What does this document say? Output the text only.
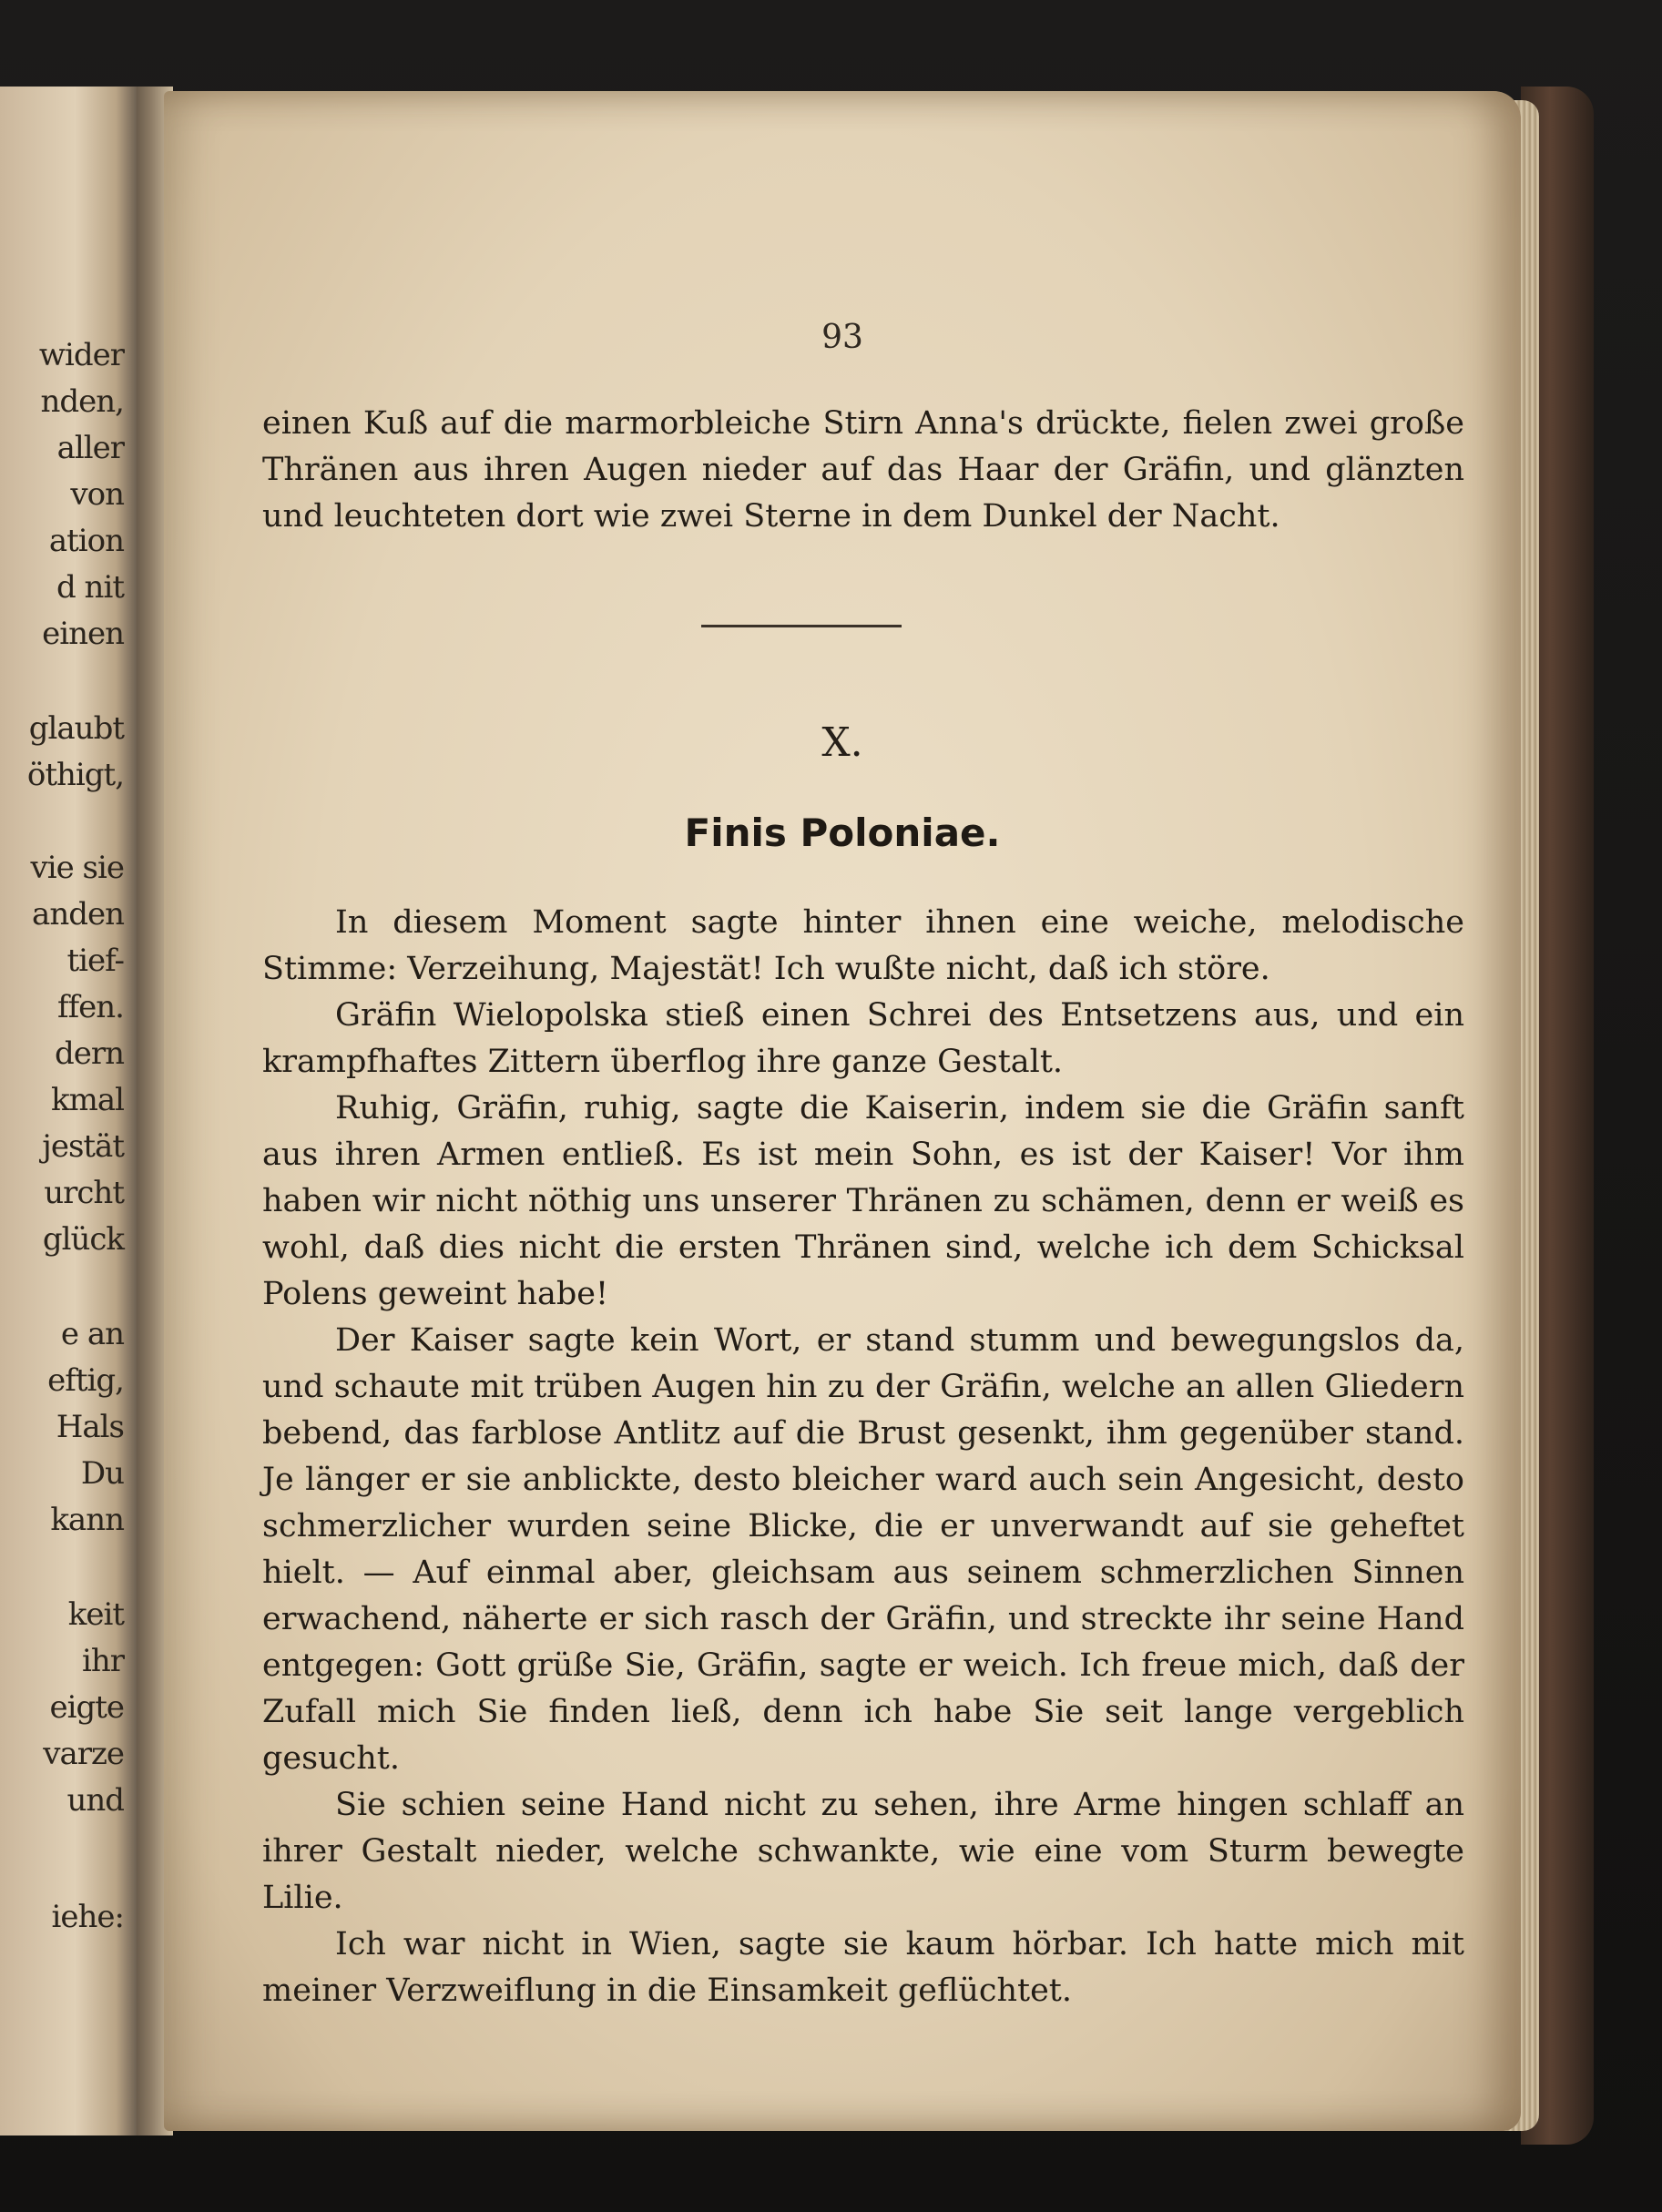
wider
nden,
aller
von
ation
d nit
einen
glaubt
öthigt,
vie sie
anden
tief-
ffen.
dern
kmal
jestät
urcht
glück
e an
eftig,
Hals
Du
kann
keit
ihr
eigte
varze
und
iehe:
93

einen Kuß auf die marmorbleiche Stirn Anna's drückte, fielen zwei große Thränen aus ihren Augen nieder auf das Haar der Gräfin, und glänzten und leuchteten dort wie zwei Sterne in dem Dunkel der Nacht.

X.
Finis Poloniae.

In diesem Moment sagte hinter ihnen eine weiche, melodische Stimme: Verzeihung, Majestät! Ich wußte nicht, daß ich störe.

Gräfin Wielopolska stieß einen Schrei des Entsetzens aus, und ein krampfhaftes Zittern überflog ihre ganze Gestalt.

Ruhig, Gräfin, ruhig, sagte die Kaiserin, indem sie die Gräfin sanft aus ihren Armen entließ. Es ist mein Sohn, es ist der Kaiser! Vor ihm haben wir nicht nöthig uns unserer Thränen zu schämen, denn er weiß es wohl, daß dies nicht die ersten Thränen sind, welche ich dem Schicksal Polens geweint habe!

Der Kaiser sagte kein Wort, er stand stumm und bewegungslos da, und schaute mit trüben Augen hin zu der Gräfin, welche an allen Gliedern bebend, das farblose Antlitz auf die Brust gesenkt, ihm gegenüber stand. Je länger er sie anblickte, desto bleicher ward auch sein Angesicht, desto schmerzlicher wurden seine Blicke, die er unverwandt auf sie geheftet hielt. — Auf einmal aber, gleichsam aus seinem schmerzlichen Sinnen erwachend, näherte er sich rasch der Gräfin, und streckte ihr seine Hand entgegen: Gott grüße Sie, Gräfin, sagte er weich. Ich freue mich, daß der Zufall mich Sie finden ließ, denn ich habe Sie seit lange vergeblich gesucht.

Sie schien seine Hand nicht zu sehen, ihre Arme hingen schlaff an ihrer Gestalt nieder, welche schwankte, wie eine vom Sturm bewegte Lilie.

Ich war nicht in Wien, sagte sie kaum hörbar. Ich hatte mich mit meiner Verzweiflung in die Einsamkeit geflüchtet.
